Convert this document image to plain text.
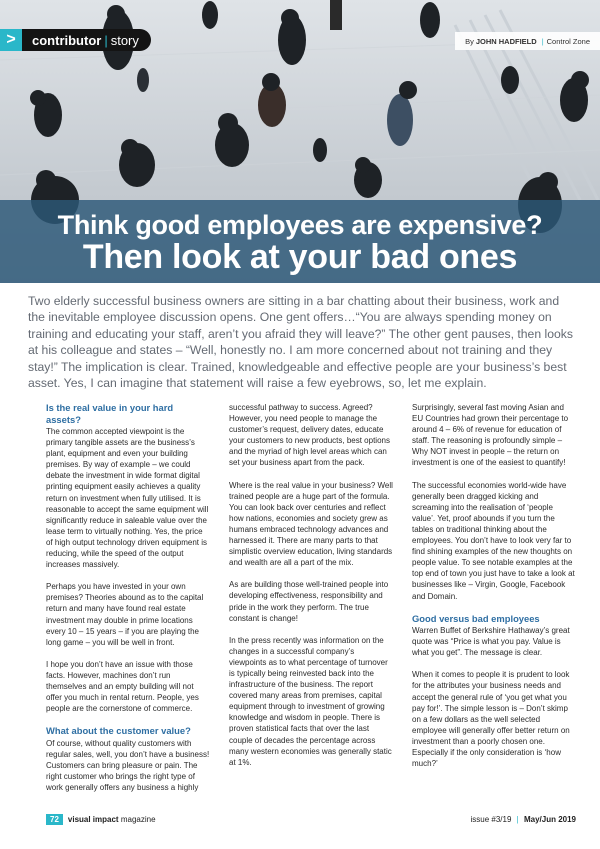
Think good employees are expensive?
Then look at your bad ones
>	contributor | story	By JOHN HADFIELD | Control Zone

Two elderly successful business owners are sitting in a bar chatting about their business, work and the inevitable employee discussion opens. One gent offers…“You are always spending money on training and educating your staff, aren’t you afraid they will leave?” The other gent pauses, then looks at his colleague and states – “Well, honestly no. I am more concerned about not training and they stay!” The implication is clear. Trained, knowledgeable and effective people are your business’s best asset. Yes, I can imagine that statement will raise a few eyebrows, so, let me explain.

Is the real value in your hard assets?

The common accepted viewpoint is the primary tangible assets are the business’s plant, equipment and even your building premises. By way of example – we could debate the investment in wide format digital printing equipment easily achieves a quality return on investment when fully utilised. It is reasonable to accept the same equipment will significantly reduce in saleable value over the lease term to virtually nothing. Yes, the price of high output technology driven equipment is reducing, while the speed of the output increases massively.

Perhaps you have invested in your own premises? Theories abound as to the capital return and many have found real estate investment may double in prime locations every 10 – 15 years – if you are playing the long game – you will be well in front.

I hope you don’t have an issue with those facts. However, machines don’t run themselves and an empty building will not offer you much in rental return. People, yes people are the cornerstone of commerce.

What about the customer value?

Of course, without quality customers with regular sales, well, you don’t have a business! Customers can bring pleasure or pain. The right customer who brings the right type of work generally offers any business a highly

successful pathway to success. Agreed? However, you need people to manage the customer’s request, delivery dates, educate your customers to new products, best options and the myriad of high level areas which can set your business apart from the pack.

Where is the real value in your business? Well trained people are a huge part of the formula. You can look back over centuries and reflect how nations, economies and society grew as humans embraced technology advances and harnessed it. There are many parts to that simplistic overview education, living standards and wealth are all a part of the mix.

As are building those well-trained people into developing effectiveness, responsibility and pride in the work they perform. The true constant is change!

In the press recently was information on the changes in a successful company’s viewpoints as to what percentage of turnover is typically being reinvested back into the infrastructure of the business. The report covered many areas from premises, capital equipment through to investment of growing knowledge and wisdom in people. There is proven statistical facts that over the last couple of decades the percentage across many western economies was generally static at 1%.

Surprisingly, several fast moving Asian and EU Countries had grown their percentage to around 4 – 6% of revenue for education of staff. The reasoning is profoundly simple – Why NOT invest in people – the return on investment is one of the easiest to quantify!

The successful economies world-wide have generally been dragged kicking and screaming into the realisation of ‘people value’. Yet, proof abounds if you turn the tables on traditional thinking about the employees. You don’t have to look very far to find shining examples of the new thoughts on people value. To see notable examples at the top end of town you just have to take a look at businesses like – Virgin, Google, Facebook and Domain.

Good versus bad employees

Warren Buffet of Berkshire Hathaway’s great quote was “Price is what you pay. Value is what you get”. The message is clear.

When it comes to people it is prudent to look for the attributes your business needs and accept the general rule of ‘you get what you pay for!’. The simple lesson is – Don’t skimp on a few dollars as the well selected employee will generally offer better return on investment than a poorly chosen one. Especially if the only consideration is ‘how much?’

72	visual impact magazine	issue #3/19 | May/Jun 2019
